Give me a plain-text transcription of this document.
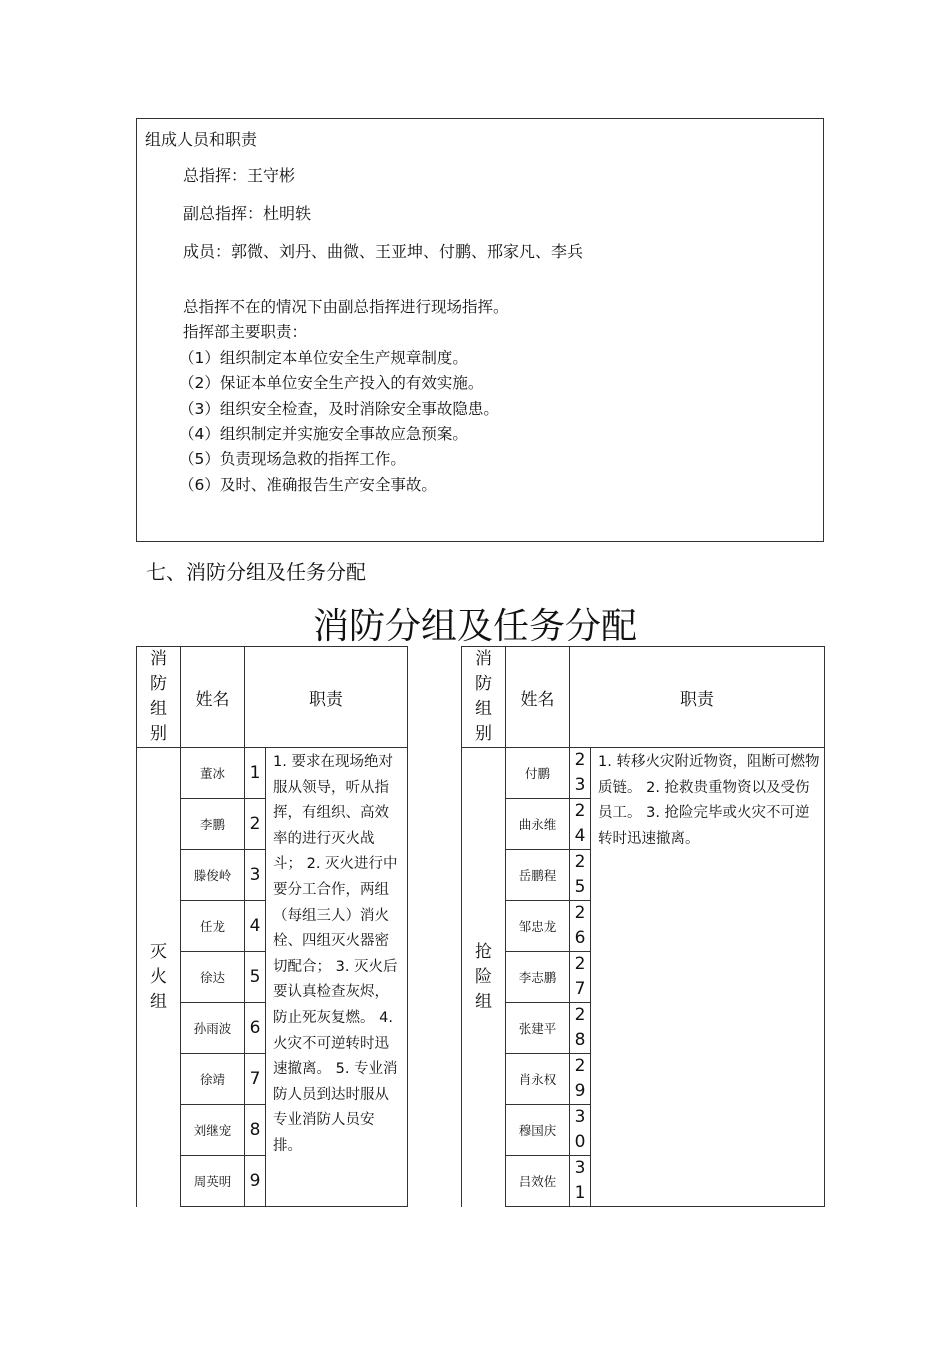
组成人员和职责
总指挥：王守彬
副总指挥：杜明轶
成员：郭微、刘丹、曲微、王亚坤、付鹏、邢家凡、李兵
总指挥不在的情况下由副总指挥进行现场指挥。
指挥部主要职责：
（1）组织制定本单位安全生产规章制度。
（2）保证本单位安全生产投入的有效实施。
（3）组织安全检查，及时消除安全事故隐患。
（4）组织制定并实施安全事故应急预案。
（5）负责现场急救的指挥工作。
（6）及时、准确报告生产安全事故。
七、消防分组及任务分配
消防分组及任务分配
消防组别	姓名	职责	
灭火组	董冰	1	1. 要求在现场绝对服从领导，听从指挥，有组织、高效率的进行灭火战斗； 2. 灭火进行中要分工合作，两组（每组三人）消火栓、四组灭火器密切配合； 3. 灭火后要认真检查灰烬，防止死灰复燃。 4. 火灾不可逆转时迅速撤离。 5. 专业消防人员到达时服从专业消防人员安排。
	李鹏	2	
	滕俊岭	3	
	任龙	4	
	徐达	5	
	孙雨波	6	
	徐靖	7	
	刘继宠	8	
	周英明	9	
消防组别	姓名	职责	
抢险组	付鹏	23	1. 转移火灾附近物资，阻断可燃物质链。 2. 抢救贵重物资以及受伤员工。 3. 抢险完毕或火灾不可逆转时迅速撤离。
	曲永维	24	
	岳鹏程	25	
	邹忠龙	26	
	李志鹏	27	
	张建平	28	
	肖永权	29	
	穆国庆	30	
	吕效佐	31	
